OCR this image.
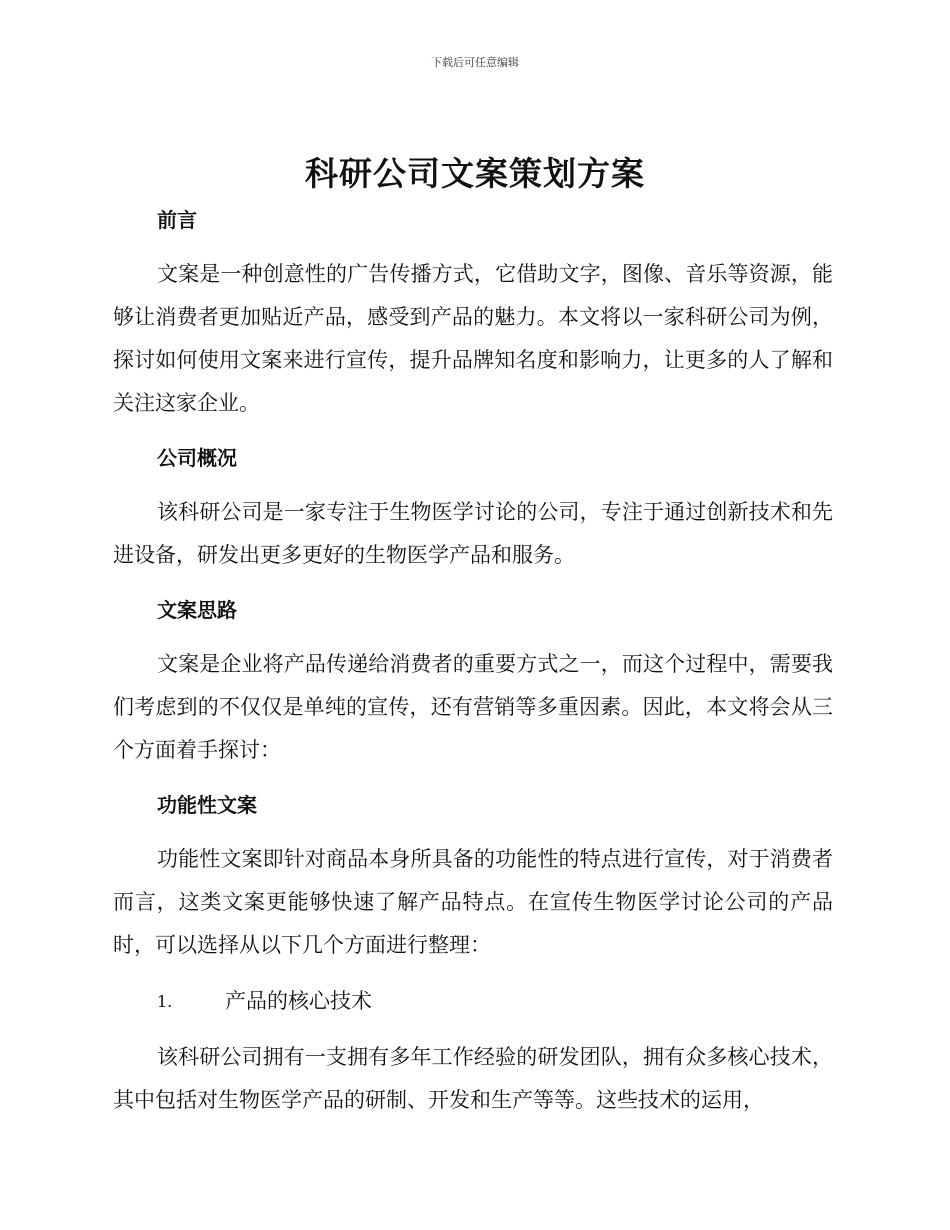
下载后可任意编辑
科研公司文案策划方案
前言

文案是一种创意性的广告传播方式，它借助文字，图像、音乐等资源，能够让消费者更加贴近产品，感受到产品的魅力。本文将以一家科研公司为例，探讨如何使用文案来进行宣传，提升品牌知名度和影响力，让更多的人了解和关注这家企业。

公司概况

该科研公司是一家专注于生物医学讨论的公司，专注于通过创新技术和先进设备，研发出更多更好的生物医学产品和服务。

文案思路

文案是企业将产品传递给消费者的重要方式之一，而这个过程中，需要我们考虑到的不仅仅是单纯的宣传，还有营销等多重因素。因此，本文将会从三个方面着手探讨：

功能性文案

功能性文案即针对商品本身所具备的功能性的特点进行宣传，对于消费者而言，这类文案更能够快速了解产品特点。在宣传生物医学讨论公司的产品时，可以选择从以下几个方面进行整理：

1.	产品的核心技术

该科研公司拥有一支拥有多年工作经验的研发团队，拥有众多核心技术，其中包括对生物医学产品的研制、开发和生产等等。这些技术的运用，
